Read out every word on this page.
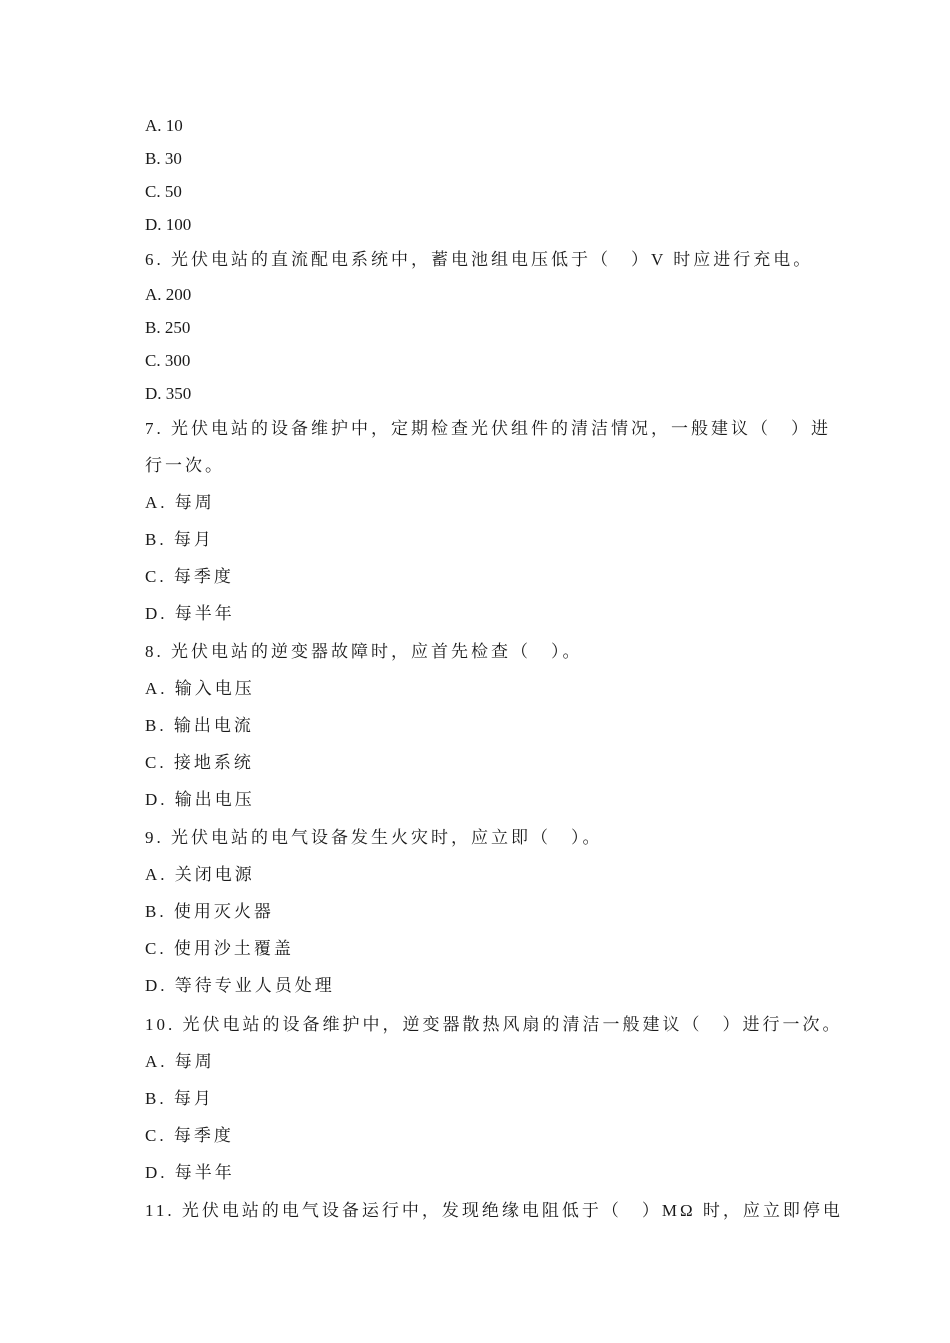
A. 10
B. 30
C. 50
D. 100
6. 光伏电站的直流配电系统中，蓄电池组电压低于（　）V 时应进行充电。
A. 200
B. 250
C. 300
D. 350
7. 光伏电站的设备维护中，定期检查光伏组件的清洁情况，一般建议（　）进
行一次。
A. 每周
B. 每月
C. 每季度
D. 每半年
8. 光伏电站的逆变器故障时，应首先检查（　）。
A. 输入电压
B. 输出电流
C. 接地系统
D. 输出电压
9. 光伏电站的电气设备发生火灾时，应立即（　）。
A. 关闭电源
B. 使用灭火器
C. 使用沙土覆盖
D. 等待专业人员处理
10. 光伏电站的设备维护中，逆变器散热风扇的清洁一般建议（　）进行一次。
A. 每周
B. 每月
C. 每季度
D. 每半年
11. 光伏电站的电气设备运行中，发现绝缘电阻低于（　）MΩ 时，应立即停电
